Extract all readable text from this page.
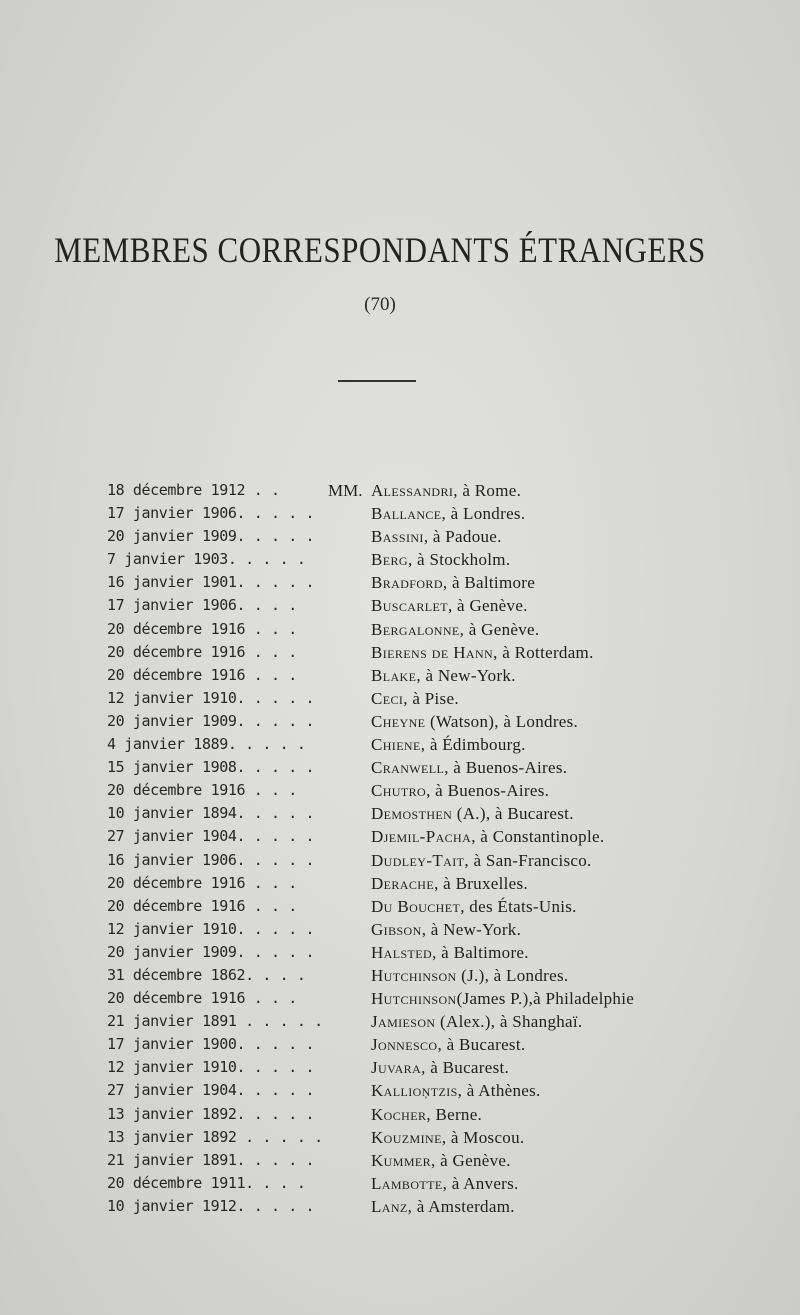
MEMBRES CORRESPONDANTS ÉTRANGERS
(70)
18 décembre 1912 . .	MM. Alessandri, à Rome.
17 janvier 1906. . . . .	Ballance, à Londres.
20 janvier 1909. . . . .	Bassini, à Padoue.
7 janvier 1903. . . . .	Berg, à Stockholm.
16 janvier 1901. . . . .	Bradford, à Baltimore
17 janvier 1906. . . .	Buscarlet, à Genève.
20 décembre 1916 . . .	Bergalonne, à Genève.
20 décembre 1916 . . .	Bierens de Hann, à Rotterdam.
20 décembre 1916 . . .	Blake, à New-York.
12 janvier 1910. . . . .	Ceci, à Pise.
20 janvier 1909. . . . .	Cheyne (Watson), à Londres.
4 janvier 1889. . . . .	Chiene, à Édimbourg.
15 janvier 1908. . . . .	Cranwell, à Buenos-Aires.
20 décembre 1916 . . .	Chutro, à Buenos-Aires.
10 janvier 1894. . . . .	Demosthen (A.), à Bucarest.
27 janvier 1904. . . . .	Djemil-Pacha, à Constantinople.
16 janvier 1906. . . . .	Dudley-Tait, à San-Francisco.
20 décembre 1916 . . .	Derache, à Bruxelles.
20 décembre 1916 . . .	Du Bouchet, des États-Unis.
12 janvier 1910. . . . .	Gibson, à New-York.
20 janvier 1909. . . . .	Halsted, à Baltimore.
31 décembre 1862. . . .	Hutchinson (J.), à Londres.
20 décembre 1916 . . .	Hutchinson(James P.),à Philadelphie
21 janvier 1891 . . . . .	Jamieson (Alex.), à Shanghaï.
17 janvier 1900. . . . .	Jonnesco, à Bucarest.
12 janvier 1910. . . . .	Juvara, à Bucarest.
27 janvier 1904. . . . .	Kallioņtzis, à Athènes.
13 janvier 1892. . . . .	Kocher, Berne.
13 janvier 1892 . . . . .	Kouzmine, à Moscou.
21 janvier 1891. . . . .	Kummer, à Genève.
20 décembre 1911. . . .	Lambotte, à Anvers.
10 janvier 1912. . . . .	Lanz, à Amsterdam.
